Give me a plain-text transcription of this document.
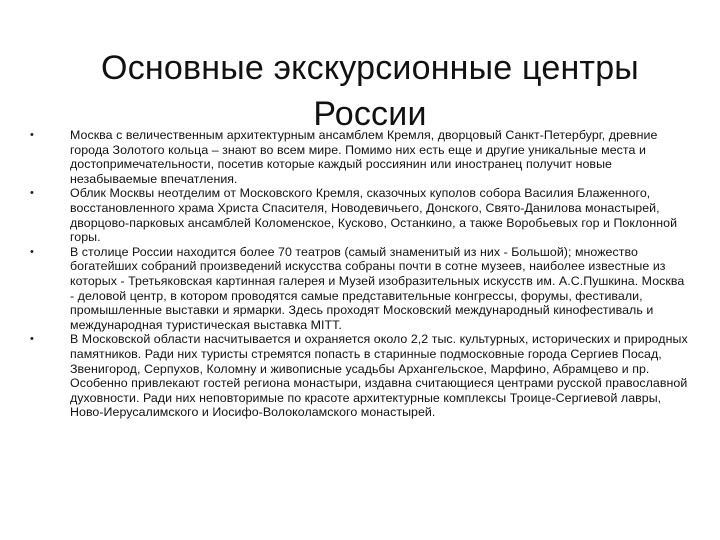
Основные экскурсионные центры России
•	Москва с величественным архитектурным ансамблем Кремля, дворцовый Санкт-Петербург, древние города Золотого кольца – знают во всем мире. Помимо них есть еще и другие уникальные места и достопримечательности, посетив которые каждый россиянин или иностранец получит новые незабываемые впечатления.
•	Облик Москвы неотделим от Московского Кремля, сказочных куполов собора Василия Блаженного, восстановленного храма Христа Спасителя, Новодевичьего, Донского, Свято-Данилова монастырей, дворцово-парковых ансамблей Коломенское, Кусково, Останкино, а также Воробьевых гор и Поклонной горы.
•	В столице России находится более 70 театров (самый знаменитый из них - Большой); множество богатейших собраний произведений искусства собраны почти в сотне музеев, наиболее известные из которых - Третьяковская картинная галерея и Музей изобразительных искусств им. А.С.Пушкина. Москва - деловой центр, в котором проводятся самые представительные конгрессы, форумы, фестивали, промышленные выставки и ярмарки. Здесь проходят Московский международный кинофестиваль и международная туристическая выставка МІТТ.
•	В Московской области насчитывается и охраняется около 2,2 тыс. культурных, исторических и природных памятников. Ради них туристы стремятся попасть в старинные подмосковные города Сергиев Посад, Звенигород, Серпухов, Коломну и живописные усадьбы Архангельское, Марфино, Абрамцево и пр. Особенно привлекают гостей региона монастыри, издавна считающиеся центрами русской православной духовности. Ради них неповторимые по красоте архитектурные комплексы Троице-Сергиевой лавры, Ново-Иерусалимского и Иосифо-Волоколамского монастырей.
